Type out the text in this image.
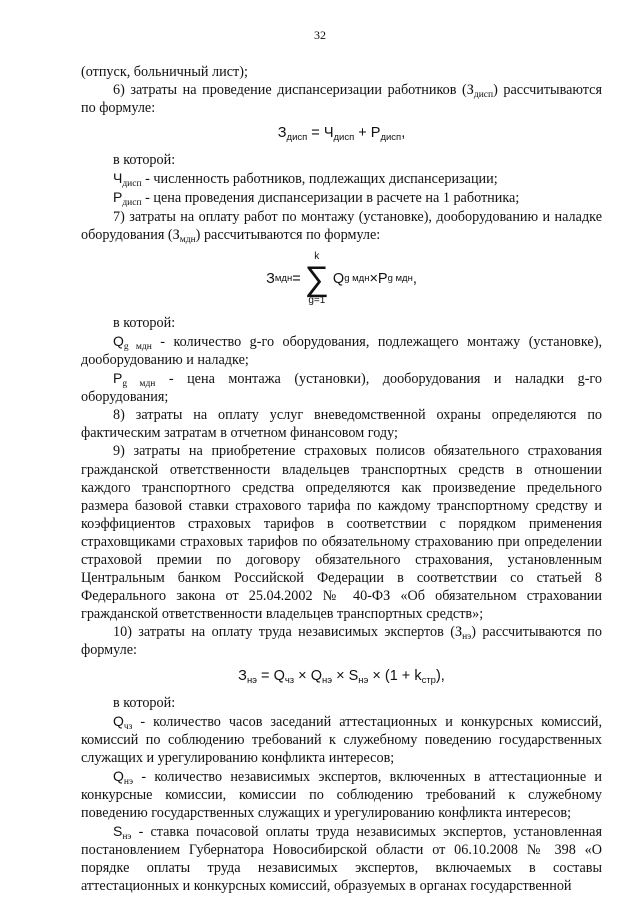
32

(отпуск, больничный лист);

6) затраты на проведение диспансеризации работников $(З_{дисп})$ рассчитываются по формуле:

$З_{дисп} = Ч_{дисп} + Р_{дисп}$,

в которой:

$Ч_{дисп}$ - численность работников, подлежащих диспансеризации;

$Р_{дисп}$ - цена проведения диспансеризации в расчете на 1 работника;

7) затраты на оплату работ по монтажу (установке), дооборудованию и наладке оборудования $(З_{мдн})$ рассчитываются по формуле:

З мдн =
k
∑
g=1
Q g мдн × P g мдн ,

в которой:

$Q_{g мдн}$ - количество g-го оборудования, подлежащего монтажу (установке), дооборудованию и наладке;

$P_{g мдн}$ - цена монтажа (установки), дооборудования и наладки g-го оборудования;

8) затраты на оплату услуг вневедомственной охраны определяются по фактическим затратам в отчетном финансовом году;

9) затраты на приобретение страховых полисов обязательного страхования гражданской ответственности владельцев транспортных средств в отношении каждого транспортного средства определяются как произведение предельного размера базовой ставки страхового тарифа по каждому транспортному средству и коэффициентов страховых тарифов в соответствии с порядком применения страховщиками страховых тарифов по обязательному страхованию при определении страховой премии по договору обязательного страхования, установленным Центральным банком Российской Федерации в соответствии со статьей 8 Федерального закона от 25.04.2002 № 40-ФЗ «Об обязательном страховании гражданской ответственности владельцев транспортных средств»;

10) затраты на оплату труда независимых экспертов $(З_{нэ})$ рассчитываются по формуле:

$З_{нэ} = Q_{чз} \times Q_{нэ} \times S_{нэ} \times (1 + k_{стр})$,

в которой:

$Q_{чз}$ - количество часов заседаний аттестационных и конкурсных комиссий, комиссий по соблюдению требований к служебному поведению государственных служащих и урегулированию конфликта интересов;

$Q_{нэ}$ - количество независимых экспертов, включенных в аттестационные и конкурсные комиссии, комиссии по соблюдению требований к служебному поведению государственных служащих и урегулированию конфликта интересов;

$S_{нэ}$ - ставка почасовой оплаты труда независимых экспертов, установленная постановлением Губернатора Новосибирской области от 06.10.2008 № 398 «О порядке оплаты труда независимых экспертов, включаемых в составы аттестационных и конкурсных комиссий, образуемых в органах государственной
